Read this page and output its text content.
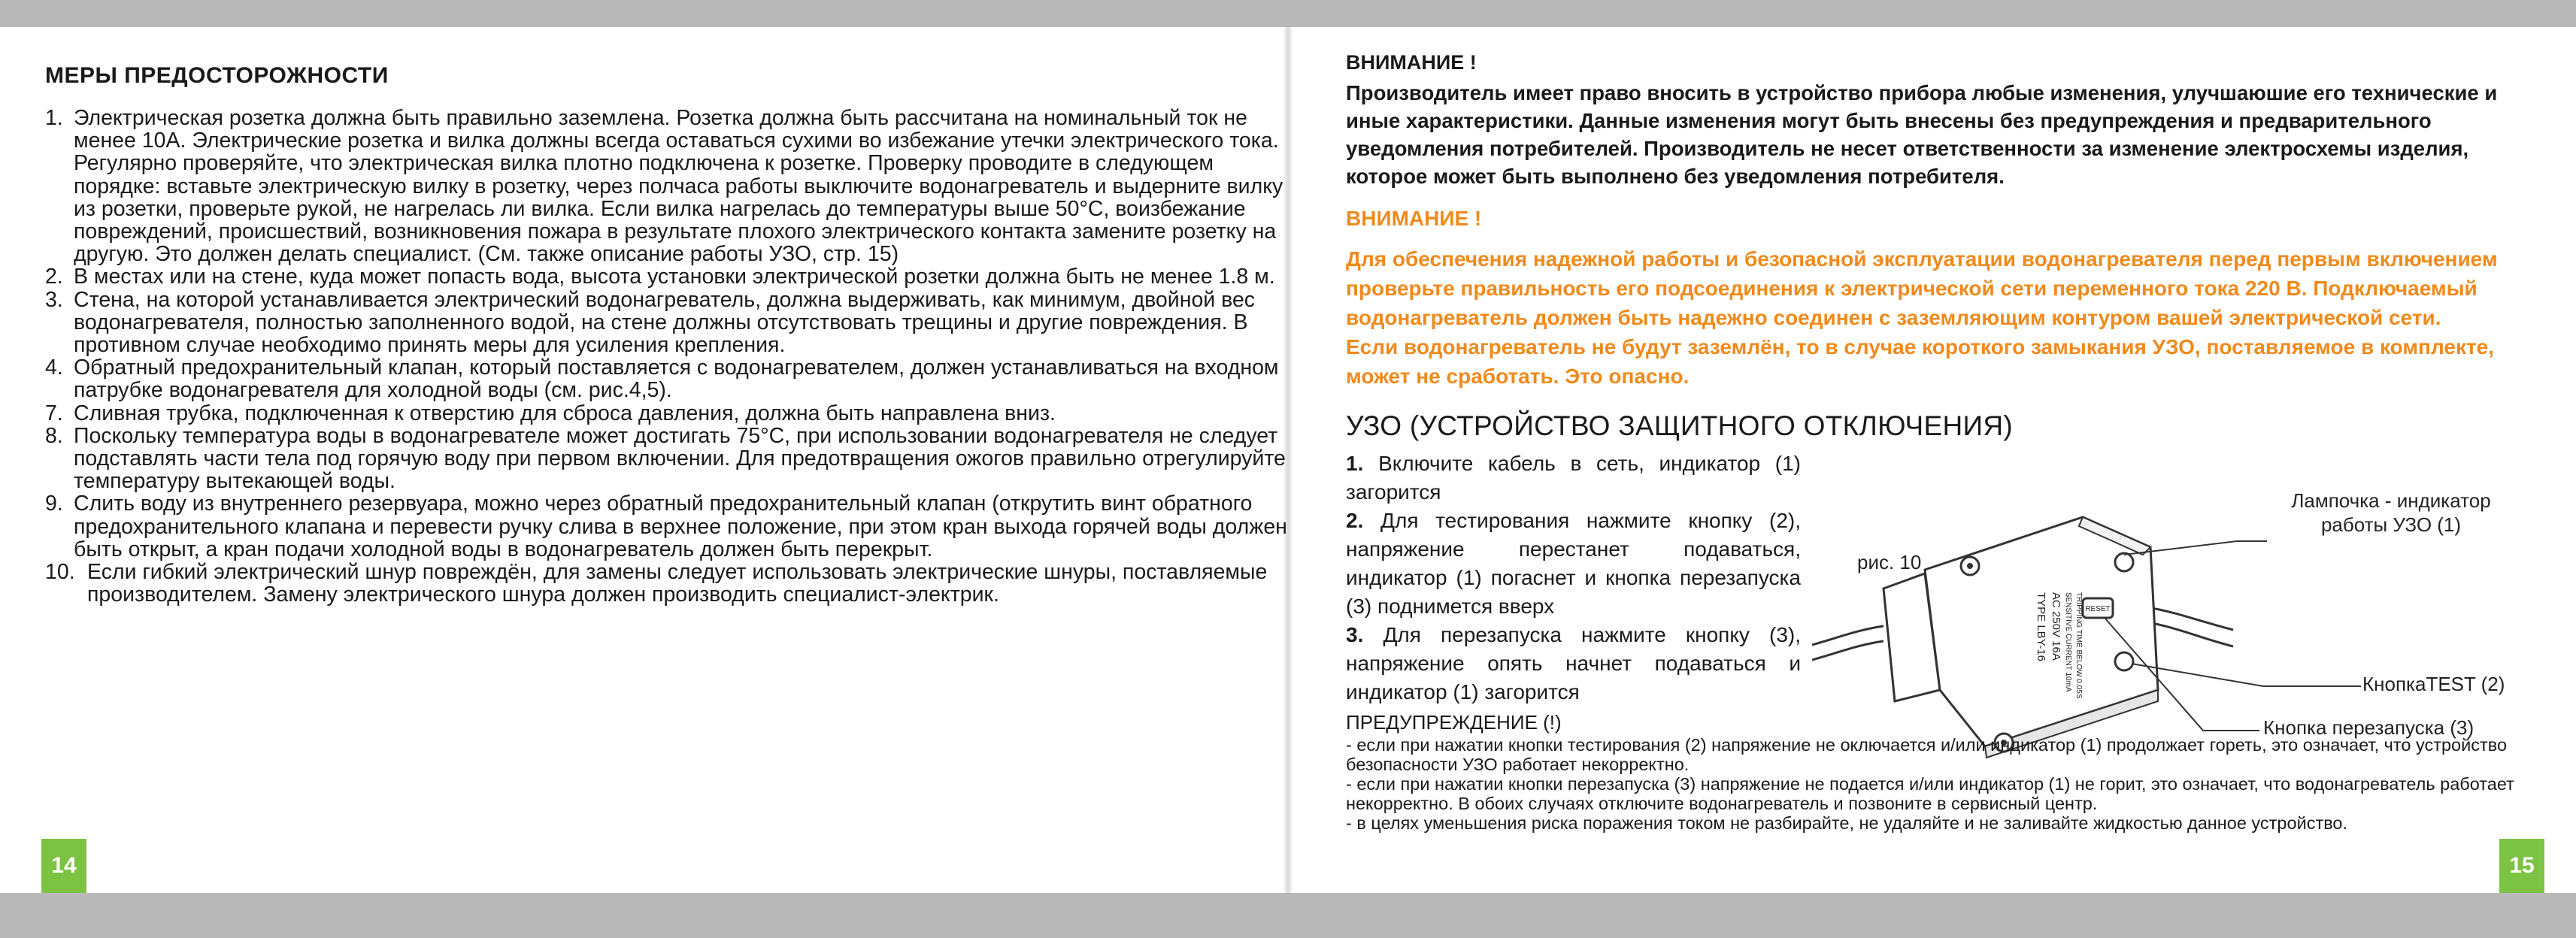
МЕРЫ ПРЕДОСТОРОЖНОСТИ
1. Электрическая розетка должна быть правильно заземлена. Розетка должна быть рассчитана на номинальный ток не менее 10А. Электрические розетка и вилка должны всегда оставаться сухими во избежание утечки электрического тока. Регулярно проверяйте, что электрическая вилка плотно подключена к розетке. Проверку проводите в следующем порядке: вставьте электрическую вилку в розетку, через полчаса работы выключите водонагреватель и выдерните вилку из розетки, проверьте рукой, не нагрелась ли вилка. Если вилка нагрелась до температуры выше 50°С, воизбежание повреждений, происшествий, возникновения пожара в результате плохого электрического контакта замените розетку на другую. Это должен делать специалист. (См. также описание работы УЗО, стр. 15)
2. В местах или на стене, куда может попасть вода, высота установки электрической розетки должна быть не менее 1.8 м.
3. Стена, на которой устанавливается электрический водонагреватель, должна выдерживать, как минимум, двойной вес водонагревателя, полностью заполненного водой, на стене должны отсутствовать трещины и другие повреждения. В противном случае необходимо принять меры для усиления крепления.
4. Обратный предохранительный клапан, который поставляется с водонагревателем, должен устанавливаться на входном патрубке водонагревателя для холодной воды (см. рис.4,5).
7. Сливная трубка, подключенная к отверстию для сброса давления, должна быть направлена вниз.
8. Поскольку температура воды в водонагревателе может достигать 75°С, при использовании водонагревателя не следует подставлять части тела под горячую воду при первом включении. Для предотвращения ожогов правильно отрегулируйте температуру вытекающей воды.
9. Слить воду из внутреннего резервуара, можно через обратный предохранительный клапан (открутить винт обратного предохранительного клапана и перевести ручку слива в верхнее положение, при этом кран выхода горячей воды должен быть открыт, а кран подачи холодной воды в водонагреватель должен быть перекрыт.
10. Если гибкий электрический шнур повреждён, для замены следует использовать электрические шнуры, поставляемые производителем. Замену электрического шнура должен производить специалист-электрик.
14

ВНИМАНИЕ !

Производитель имеет право вносить в устройство прибора любые изменения, улучшаюшие его технические и иные характеристики. Данные изменения могут быть внесены без предупреждения и предварительного уведомления потребителей. Производитель не несет ответственности за изменение электросхемы изделия, которое может быть выполнено без уведомления потребителя.

ВНИМАНИЕ !

Для обеспечения надежной работы и безопасной эксплуатации водонагревателя перед первым включением проверьте правильность его подсоединения к электрической сети переменного тока 220 В. Подключаемый водонагреватель должен быть надежно соединен с заземляющим контуром вашей электрической сети.

Если водонагреватель не будут заземлён, то в случае короткого замыкания УЗО, поставляемое в комплекте, может не сработать. Это опасно.

УЗО (УСТРОЙСТВО ЗАЩИТНОГО ОТКЛЮЧЕНИЯ)

1. Включите кабель в сеть, индикатор (1) загорится

2. Для тестирования нажмите кнопку (2), напряжение перестанет подаваться, индикатор (1) погаснет и кнопка перезапуска (3) поднимется вверх

3. Для перезапуска нажмите кнопку (3), напряжение опять начнет подаваться и индикатор (1) загорится

рис. 10
Лампочка - индикатор работы УЗО (1)
КнопкаTEST (2)
Кнопка перезапуска (3)
RESET
TYPE LBY-16 AC 250V 16A SENSITIVE CURRENT 10mA TRIPPING TIME BELOW 0.05S

ПРЕДУПРЕЖДЕНИЕ (!)

- если при нажатии кнопки тестирования (2) напряжение не оключается и/или индикатор (1) продолжает гореть, это означает, что устройство безопасности УЗО работает некорректно.

- если при нажатии кнопки перезапуска (3) напряжение не подается и/или индикатор (1) не горит, это означает, что водонагреватель работает некорректно. В обоих случаях отключите водонагреватель и позвоните в сервисный центр.

- в целях уменьшения риска поражения током не разбирайте, не удаляйте и не заливайте жидкостью данное устройство.

15
